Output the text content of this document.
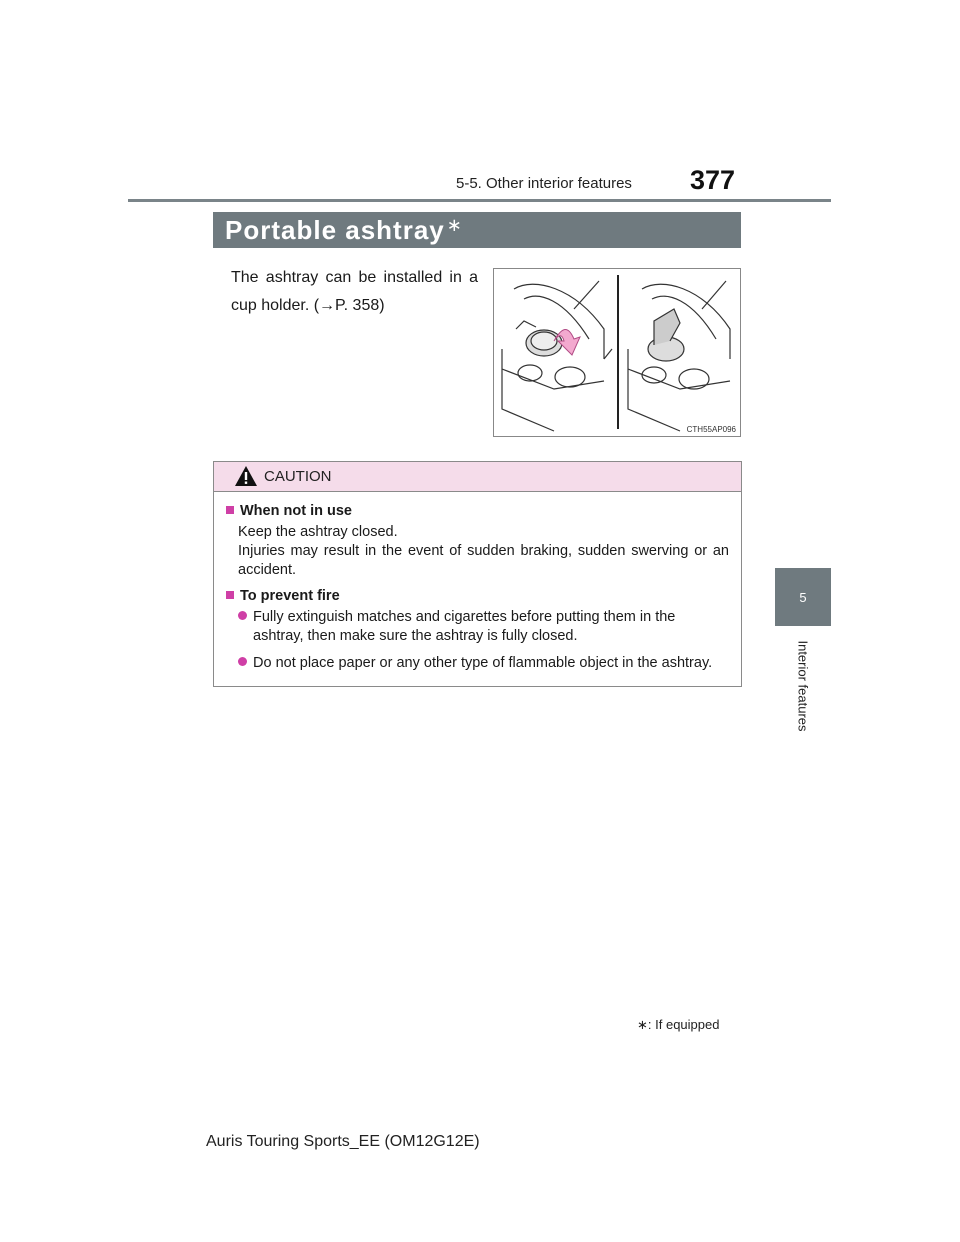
5-5. Other interior features 377
5
Interior features
Portable ashtray ∗
The ashtray can be installed in a cup holder. (→P. 358)
CTH55AP096
CAUTION
When not in use
Keep the ashtray closed.
Injuries may result in the event of sudden braking, sudden swerving or an accident.
To prevent fire
Fully extinguish matches and cigarettes before putting them in the ashtray, then make sure the ashtray is fully closed.
Do not place paper or any other type of flammable object in the ashtray.
∗: If equipped
Auris Touring Sports_EE (OM12G12E)
